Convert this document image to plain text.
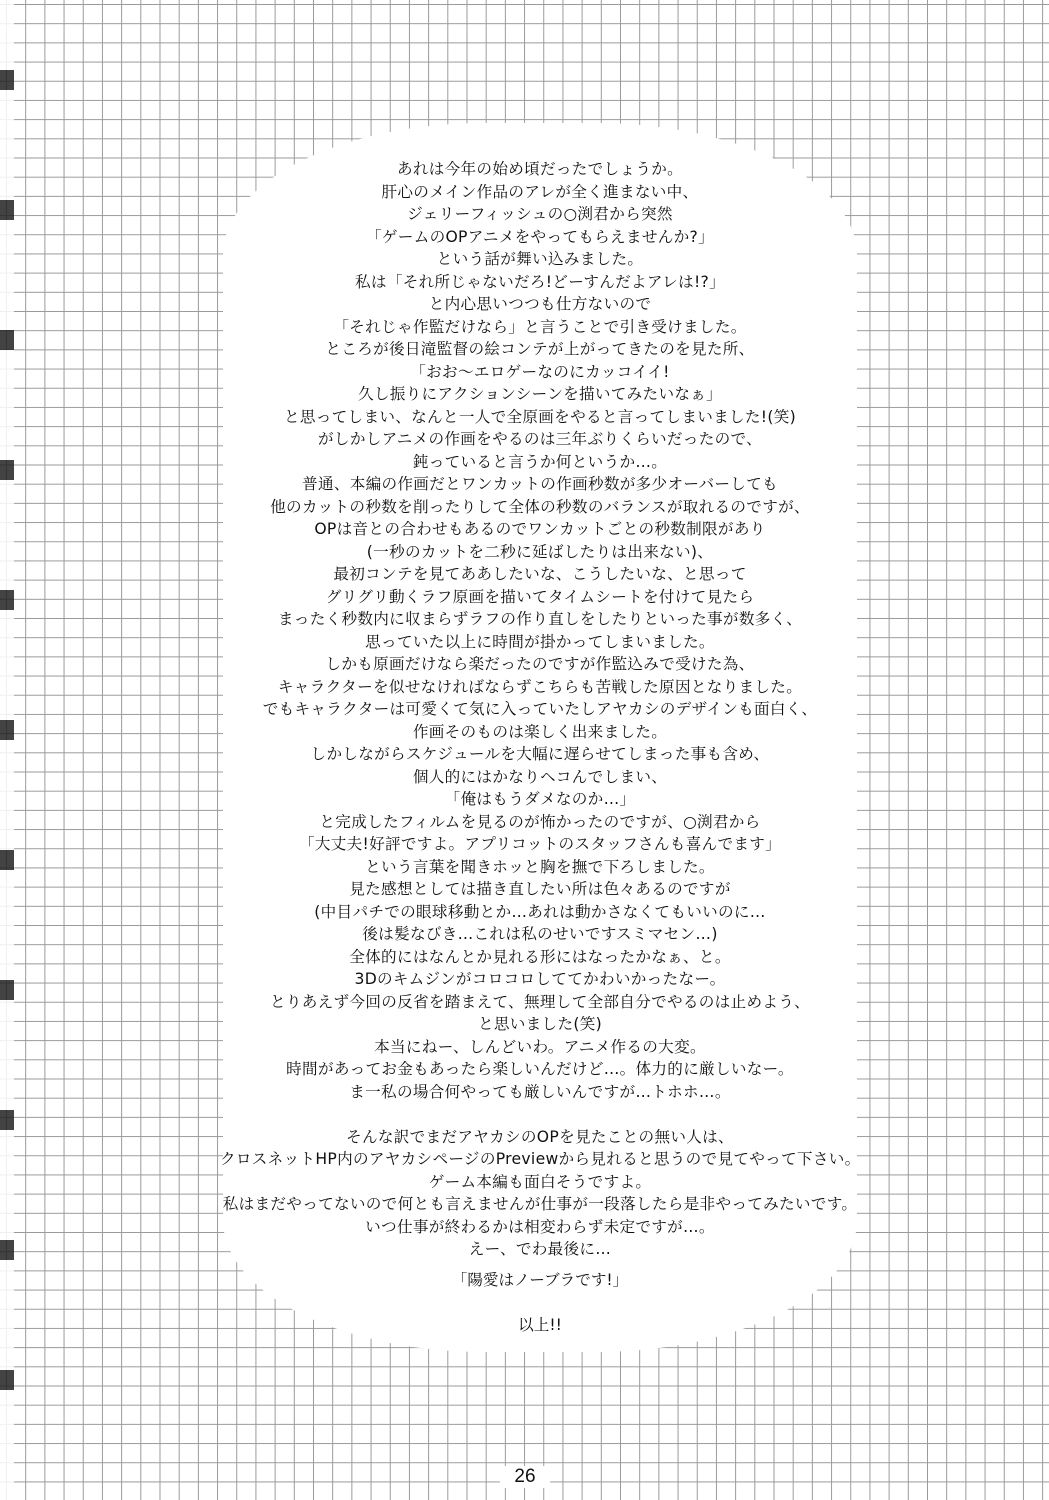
あれは今年の始め頃だったでしょうか。
肝心のメイン作品のアレが全く進まない中、
ジェリーフィッシュの○渕君から突然
「ゲームのOPアニメをやってもらえませんか?」
という話が舞い込みました。
私は「それ所じゃないだろ!どーすんだよアレは!?」
と内心思いつつも仕方ないので
「それじゃ作監だけなら」と言うことで引き受けました。
ところが後日滝監督の絵コンテが上がってきたのを見た所、
「おお〜エロゲーなのにカッコイイ!
久し振りにアクションシーンを描いてみたいなぁ」
と思ってしまい、なんと一人で全原画をやると言ってしまいました!(笑)
がしかしアニメの作画をやるのは三年ぶりくらいだったので、
鈍っていると言うか何というか…。
普通、本編の作画だとワンカットの作画秒数が多少オーバーしても
他のカットの秒数を削ったりして全体の秒数のバランスが取れるのですが、
OPは音との合わせもあるのでワンカットごとの秒数制限があり
(一秒のカットを二秒に延ばしたりは出来ない)、
最初コンテを見てああしたいな、こうしたいな、と思って
グリグリ動くラフ原画を描いてタイムシートを付けて見たら
まったく秒数内に収まらずラフの作り直しをしたりといった事が数多く、
思っていた以上に時間が掛かってしまいました。
しかも原画だけなら楽だったのですが作監込みで受けた為、
キャラクターを似せなければならずこちらも苦戦した原因となりました。
でもキャラクターは可愛くて気に入っていたしアヤカシのデザインも面白く、
作画そのものは楽しく出来ました。
しかしながらスケジュールを大幅に遅らせてしまった事も含め、
個人的にはかなりヘコんでしまい、
「俺はもうダメなのか…」
と完成したフィルムを見るのが怖かったのですが、○渕君から
「大丈夫!好評ですよ。アプリコットのスタッフさんも喜んでます」
という言葉を聞きホッと胸を撫で下ろしました。
見た感想としては描き直したい所は色々あるのですが
(中目パチでの眼球移動とか…あれは動かさなくてもいいのに…
後は髪なびき…これは私のせいですスミマセン…)
全体的にはなんとか見れる形にはなったかなぁ、と。
3Dのキムジンがコロコロしててかわいかったなー。
とりあえず今回の反省を踏まえて、無理して全部自分でやるのは止めよう、
と思いました(笑)
本当にねー、しんどいわ。アニメ作るの大変。
時間があってお金もあったら楽しいんだけど…。体力的に厳しいなー。
ま一私の場合何やっても厳しいんですが…トホホ…。
そんな訳でまだアヤカシのOPを見たことの無い人は、
クロスネットHP内のアヤカシページのPreviewから見れると思うので見てやって下さい。
ゲーム本編も面白そうですよ。
私はまだやってないので何とも言えませんが仕事が一段落したら是非やってみたいです。
いつ仕事が終わるかは相変わらず未定ですが…。
えー、でわ最後に…
「陽愛はノーブラです!」
以上!!
26
